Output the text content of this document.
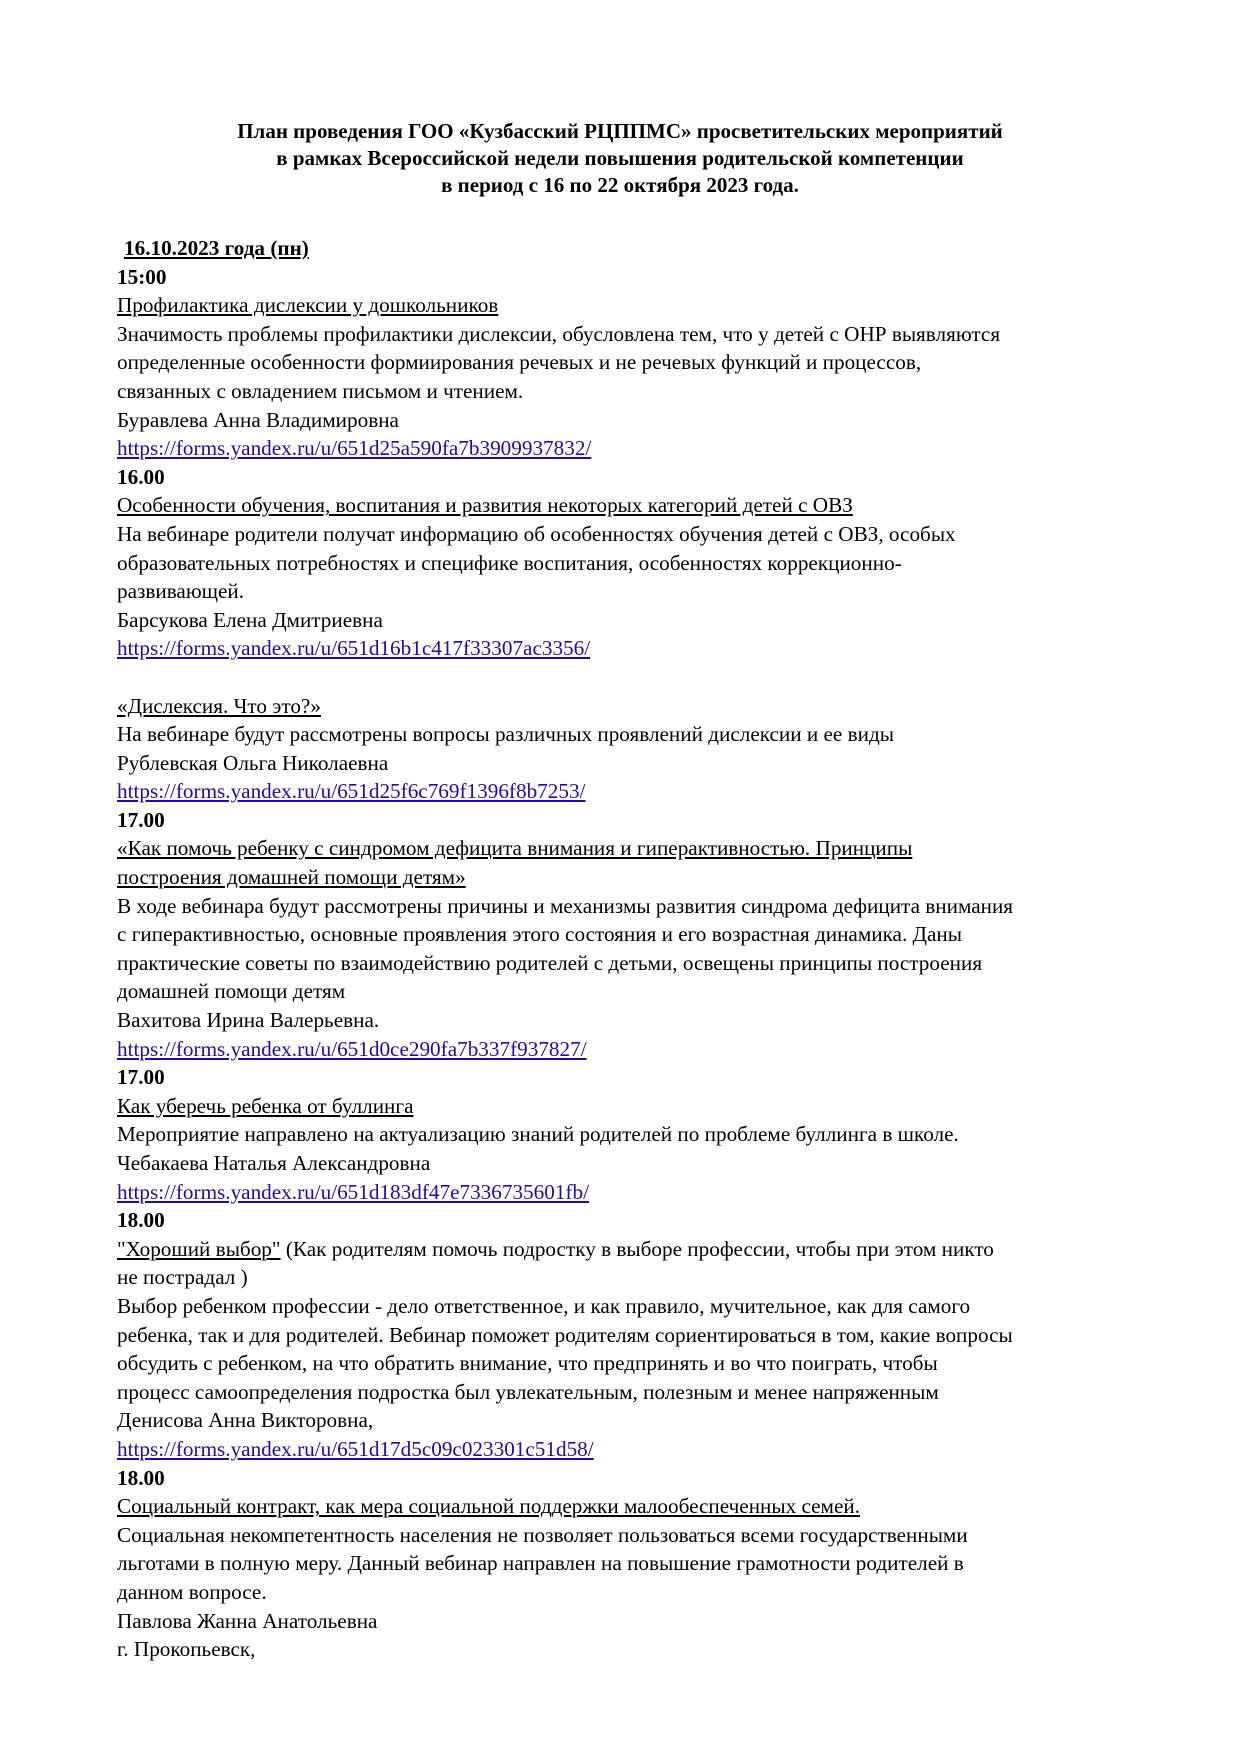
План проведения ГОО «Кузбасский РЦППМС» просветительских мероприятий
в рамках Всероссийской недели повышения родительской компетенции
в период с 16 по 22 октября 2023 года.
16.10.2023 года (пн)
15:00
Профилактика дислексии у дошкольников
Значимость проблемы профилактики дислексии, обусловлена тем, что у детей с ОНР выявляются
определенные особенности формиирования речевых и не речевых функций и процессов,
связанных с овладением письмом и чтением.
Буравлева Анна Владимировна
https://forms.yandex.ru/u/651d25a590fa7b3909937832/
16.00
Особенности обучения, воспитания и развития некоторых категорий детей с ОВЗ
На вебинаре родители получат информацию об особенностях обучения детей с ОВЗ, особых
образовательных потребностях и специфике воспитания, особенностях коррекционно-
развивающей.
Барсукова Елена Дмитриевна
https://forms.yandex.ru/u/651d16b1c417f33307ac3356/
«Дислексия. Что это?»
На вебинаре будут рассмотрены вопросы различных проявлений дислексии и ее виды
Рублевская Ольга Николаевна
https://forms.yandex.ru/u/651d25f6c769f1396f8b7253/
17.00
«Как помочь ребенку с синдромом дефицита внимания и гиперактивностью. Принципы
построения домашней помощи детям»
В ходе вебинара будут рассмотрены причины и механизмы развития синдрома дефицита внимания
с гиперактивностью, основные проявления этого состояния и его возрастная динамика. Даны
практические советы по взаимодействию родителей с детьми, освещены принципы построения
домашней помощи детям
Вахитова Ирина Валерьевна.
https://forms.yandex.ru/u/651d0ce290fa7b337f937827/
17.00
Как уберечь ребенка от буллинга
Мероприятие направлено на актуализацию знаний родителей по проблеме буллинга в школе.
Чебакаева Наталья Александровна
https://forms.yandex.ru/u/651d183df47e7336735601fb/
18.00
"Хороший выбор" (Как родителям помочь подростку в выборе профессии, чтобы при этом никто
не пострадал )
Выбор ребенком профессии - дело ответственное, и как правило, мучительное, как для самого
ребенка, так и для родителей. Вебинар поможет родителям сориентироваться в том, какие вопросы
обсудить с ребенком, на что обратить внимание, что предпринять и во что поиграть, чтобы
процесс самоопределения подростка был увлекательным, полезным и менее напряженным
Денисова Анна Викторовна,
https://forms.yandex.ru/u/651d17d5c09c023301c51d58/
18.00
Социальный контракт, как мера социальной поддержки малообеспеченных семей.
Социальная некомпетентность населения не позволяет пользоваться всеми государственными
льготами в полную меру. Данный вебинар направлен на повышение грамотности родителей в
данном вопросе.
Павлова Жанна Анатольевна
г. Прокопьевск,
